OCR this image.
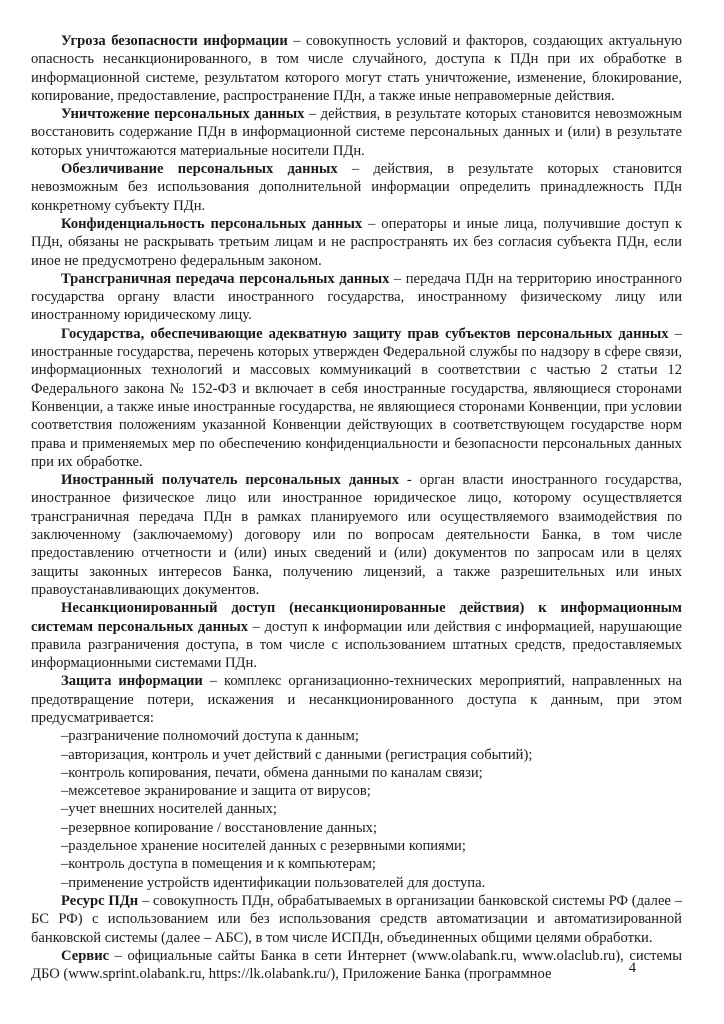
Угроза безопасности информации – совокупность условий и факторов, создающих актуальную опасность несанкционированного, в том числе случайного, доступа к ПДн при их обработке в информационной системе, результатом которого могут стать уничтожение, изменение, блокирование, копирование, предоставление, распространение ПДн, а также иные неправомерные действия.

Уничтожение персональных данных – действия, в результате которых становится невозможным восстановить содержание ПДн в информационной системе персональных данных и (или) в результате которых уничтожаются материальные носители ПДн.

Обезличивание персональных данных – действия, в результате которых становится невозможным без использования дополнительной информации определить принадлежность ПДн конкретному субъекту ПДн.

Конфиденциальность персональных данных – операторы и иные лица, получившие доступ к ПДн, обязаны не раскрывать третьим лицам и не распространять их без согласия субъекта ПДн, если иное не предусмотрено федеральным законом.

Трансграничная передача персональных данных – передача ПДн на территорию иностранного государства органу власти иностранного государства, иностранному физическому лицу или иностранному юридическому лицу.

Государства, обеспечивающие адекватную защиту прав субъектов персональных данных – иностранные государства, перечень которых утвержден Федеральной службы по надзору в сфере связи, информационных технологий и массовых коммуникаций в соответствии с частью 2 статьи 12 Федерального закона № 152-ФЗ и включает в себя иностранные государства, являющиеся сторонами Конвенции, а также иные иностранные государства, не являющиеся сторонами Конвенции, при условии соответствия положениям указанной Конвенции действующих в соответствующем государстве норм права и применяемых мер по обеспечению конфиденциальности и безопасности персональных данных при их обработке.

Иностранный получатель персональных данных - орган власти иностранного государства, иностранное физическое лицо или иностранное юридическое лицо, которому осуществляется трансграничная передача ПДн в рамках планируемого или осуществляемого взаимодействия по заключенному (заключаемому) договору или по вопросам деятельности Банка, в том числе предоставлению отчетности и (или) иных сведений и (или) документов по запросам или в целях защиты законных интересов Банка, получению лицензий, а также разрешительных или иных правоустанавливающих документов.

Несанкционированный доступ (несанкционированные действия) к информационным системам персональных данных – доступ к информации или действия с информацией, нарушающие правила разграничения доступа, в том числе с использованием штатных средств, предоставляемых информационными системами ПДн.

Защита информации – комплекс организационно-технических мероприятий, направленных на предотвращение потери, искажения и несанкционированного доступа к данным, при этом предусматривается:

–разграничение полномочий доступа к данным;

–авторизация, контроль и учет действий с данными (регистрация событий);

–контроль копирования, печати, обмена данными по каналам связи;

–межсетевое экранирование и защита от вирусов;

–учет внешних носителей данных;

–резервное копирование / восстановление данных;

–раздельное хранение носителей данных с резервными копиями;

–контроль доступа в помещения и к компьютерам;

–применение устройств идентификации пользователей для доступа.

Ресурс ПДн – совокупность ПДн, обрабатываемых в организации банковской системы РФ (далее – БС РФ) с использованием или без использования средств автоматизации и автоматизированной банковской системы (далее – АБС), в том числе ИСПДн, объединенных общими целями обработки.

Сервис – официальные сайты Банка в сети Интернет (www.olabank.ru, www.olaclub.ru), системы ДБО (www.sprint.olabank.ru, https://lk.olabank.ru/), Приложение Банка (программное	4
